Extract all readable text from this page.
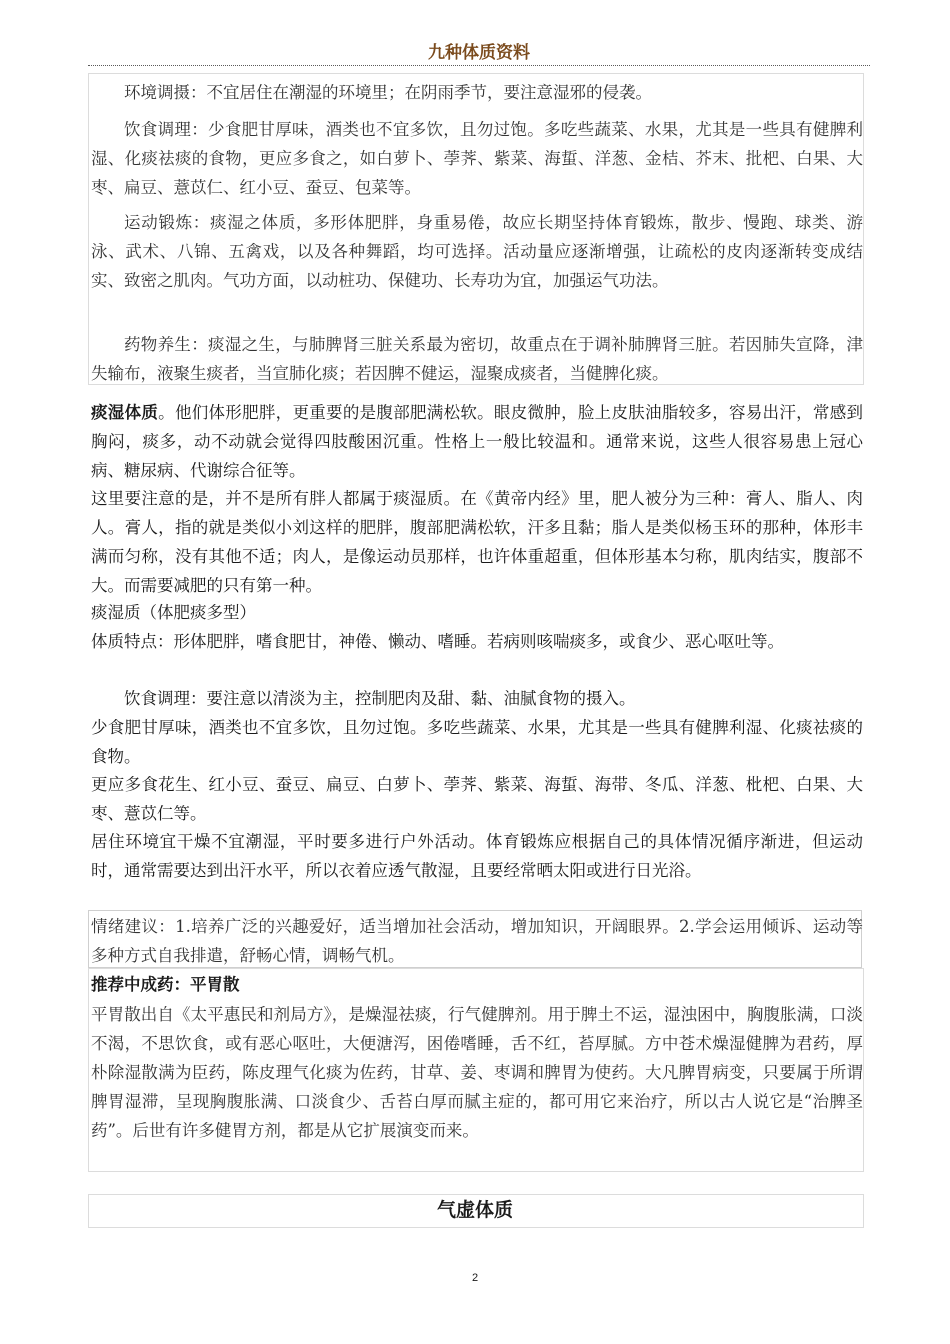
九种体质资料

环境调摄：不宜居住在潮湿的环境里；在阴雨季节，要注意湿邪的侵袭。

饮食调理：少食肥甘厚味，酒类也不宜多饮，且勿过饱。多吃些蔬菜、水果，尤其是一些具有健脾利湿、化痰祛痰的食物，更应多食之，如白萝卜、荸荠、紫菜、海蜇、洋葱、金桔、芥末、批杷、白果、大枣、扁豆、薏苡仁、红小豆、蚕豆、包菜等。

运动锻炼：痰湿之体质，多形体肥胖，身重易倦，故应长期坚持体育锻炼，散步、慢跑、球类、游泳、武术、八锦、五禽戏，以及各种舞蹈，均可选择。活动量应逐渐增强，让疏松的皮肉逐渐转变成结实、致密之肌肉。气功方面，以动桩功、保健功、长寿功为宜，加强运气功法。

药物养生：痰湿之生，与肺脾肾三脏关系最为密切，故重点在于调补肺脾肾三脏。若因肺失宣降，津失输布，液聚生痰者，当宣肺化痰；若因脾不健运，湿聚成痰者，当健脾化痰。

痰湿体质。他们体形肥胖，更重要的是腹部肥满松软。眼皮微肿，脸上皮肤油脂较多，容易出汗，常感到胸闷，痰多，动不动就会觉得四肢酸困沉重。性格上一般比较温和。通常来说，这些人很容易患上冠心病、糖尿病、代谢综合征等。

这里要注意的是，并不是所有胖人都属于痰湿质。在《黄帝内经》里，肥人被分为三种：膏人、脂人、肉人。膏人，指的就是类似小刘这样的肥胖，腹部肥满松软，汗多且黏；脂人是类似杨玉环的那种，体形丰满而匀称，没有其他不适；肉人，是像运动员那样，也许体重超重，但体形基本匀称，肌肉结实，腹部不大。而需要减肥的只有第一种。

痰湿质（体肥痰多型）

体质特点：形体肥胖，嗜食肥甘，神倦、懒动、嗜睡。若病则咳喘痰多，或食少、恶心呕吐等。

饮食调理：要注意以清淡为主，控制肥肉及甜、黏、油腻食物的摄入。

少食肥甘厚味，酒类也不宜多饮，且勿过饱。多吃些蔬菜、水果，尤其是一些具有健脾利湿、化痰祛痰的食物。

更应多食花生、红小豆、蚕豆、扁豆、白萝卜、荸荠、紫菜、海蜇、海带、冬瓜、洋葱、枇杷、白果、大枣、薏苡仁等。

居住环境宜干燥不宜潮湿，平时要多进行户外活动。体育锻炼应根据自己的具体情况循序渐进，但运动时，通常需要达到出汗水平，所以衣着应透气散湿，且要经常晒太阳或进行日光浴。

情绪建议：1.培养广泛的兴趣爱好，适当增加社会活动，增加知识，开阔眼界。2.学会运用倾诉、运动等多种方式自我排遣，舒畅心情，调畅气机。

推荐中成药：平胃散

平胃散出自《太平惠民和剂局方》，是燥湿祛痰，行气健脾剂。用于脾土不运，湿浊困中，胸腹胀满，口淡不渴，不思饮食，或有恶心呕吐，大便溏泻，困倦嗜睡，舌不红，苔厚腻。方中苍术燥湿健脾为君药，厚朴除湿散满为臣药，陈皮理气化痰为佐药，甘草、姜、枣调和脾胃为使药。大凡脾胃病变，只要属于所谓脾胃湿滞，呈现胸腹胀满、口淡食少、舌苔白厚而腻主症的，都可用它来治疗，所以古人说它是“治脾圣药”。后世有许多健胃方剂，都是从它扩展演变而来。

气虚体质
2
